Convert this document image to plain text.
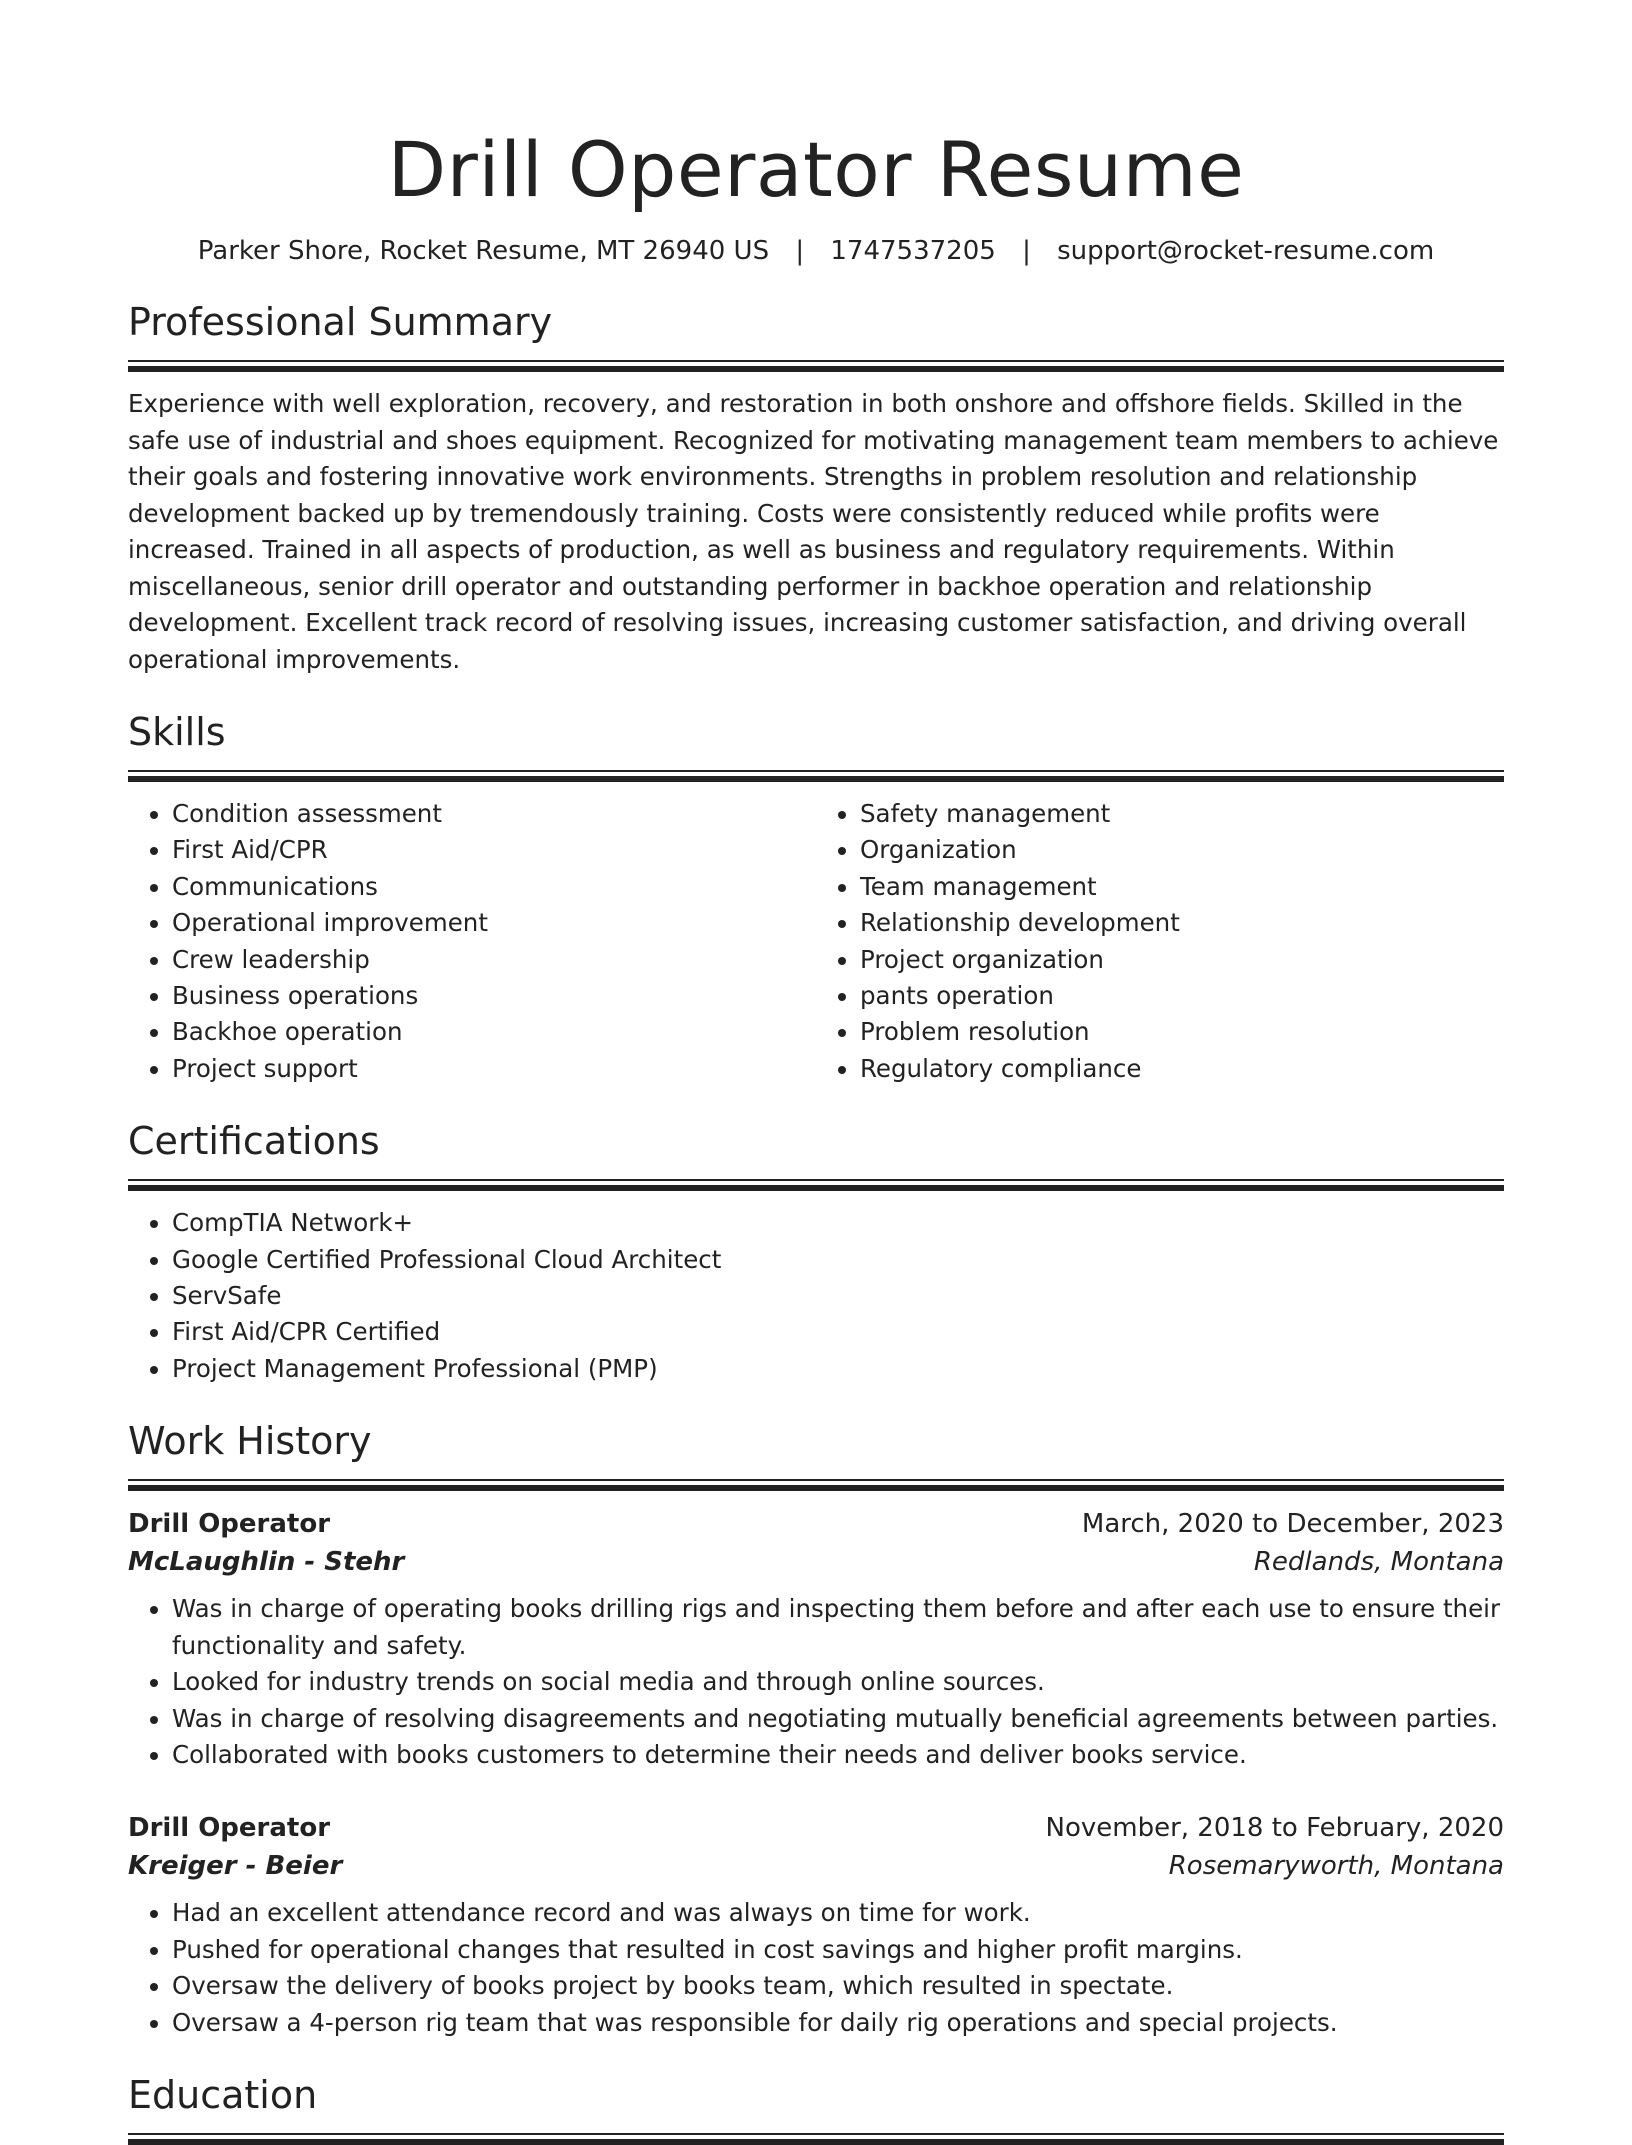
Drill Operator Resume
Parker Shore, Rocket Resume, MT 26940 US | 1747537205 | support@rocket-resume.com
Professional Summary
Experience with well exploration, recovery, and restoration in both onshore and offshore fields. Skilled in the safe use of industrial and shoes equipment. Recognized for motivating management team members to achieve their goals and fostering innovative work environments. Strengths in problem resolution and relationship development backed up by tremendously training. Costs were consistently reduced while profits were increased. Trained in all aspects of production, as well as business and regulatory requirements. Within miscellaneous, senior drill operator and outstanding performer in backhoe operation and relationship development. Excellent track record of resolving issues, increasing customer satisfaction, and driving overall operational improvements.
Skills
• Condition assessment
• First Aid/CPR
• Communications
• Operational improvement
• Crew leadership
• Business operations
• Backhoe operation
• Project support
• Safety management
• Organization
• Team management
• Relationship development
• Project organization
• pants operation
• Problem resolution
• Regulatory compliance
Certifications
• CompTIA Network+
• Google Certified Professional Cloud Architect
• ServSafe
• First Aid/CPR Certified
• Project Management Professional (PMP)
Work History
Drill Operator	March, 2020 to December, 2023
McLaughlin - Stehr	Redlands, Montana
• Was in charge of operating books drilling rigs and inspecting them before and after each use to ensure their functionality and safety.
• Looked for industry trends on social media and through online sources.
• Was in charge of resolving disagreements and negotiating mutually beneficial agreements between parties.
• Collaborated with books customers to determine their needs and deliver books service.
Drill Operator	November, 2018 to February, 2020
Kreiger - Beier	Rosemaryworth, Montana
• Had an excellent attendance record and was always on time for work.
• Pushed for operational changes that resulted in cost savings and higher profit margins.
• Oversaw the delivery of books project by books team, which resulted in spectate.
• Oversaw a 4-person rig team that was responsible for daily rig operations and special projects.
Education
